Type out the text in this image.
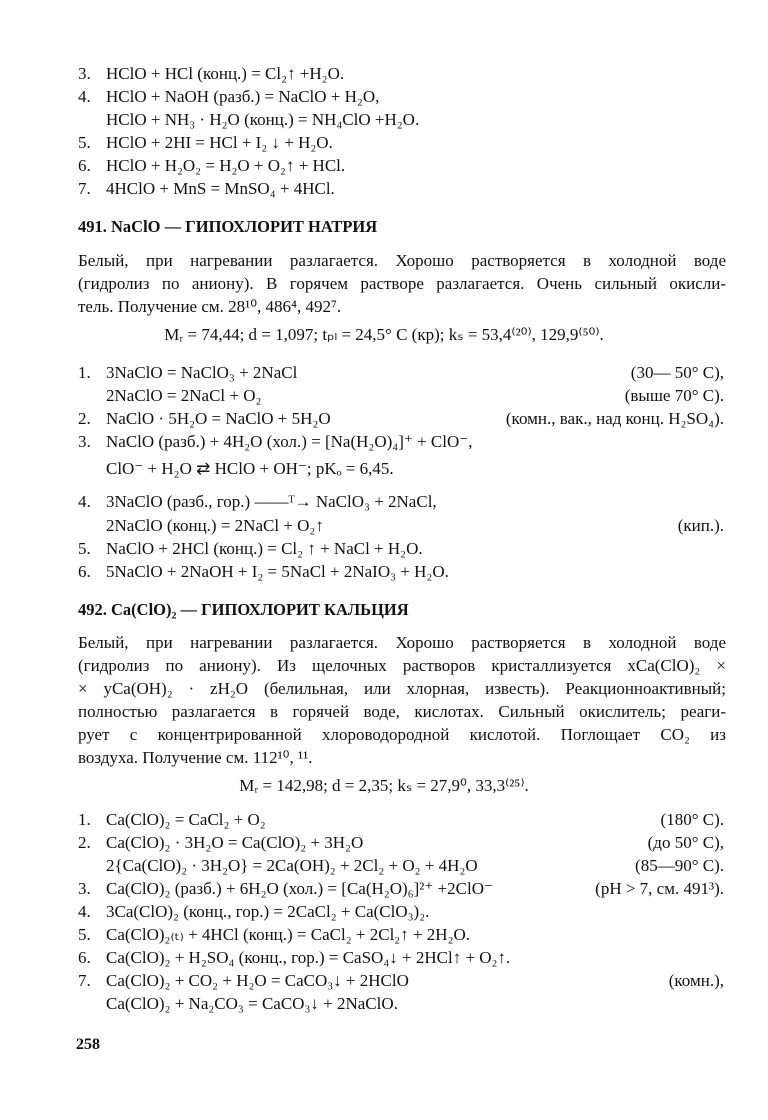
3. HClO + HCl (конц.) = Cl₂↑ +H₂O.
4. HClO + NaOH (разб.) = NaClO + H₂O,
HClO + NH₃ · H₂O (конц.) = NH₄ClO +H₂O.
5. HClO + 2HI = HCl + I₂ ↓ + H₂O.
6. HClO + H₂O₂ = H₂O + O₂↑ + HCl.
7. 4HClO + MnS = MnSO₄ + 4HCl.
491. NaClO — ГИПОХЛОРИТ НАТРИЯ
Белый, при нагревании разлагается. Хорошо растворяется в холодной воде
(гидролиз по аниону). В горячем растворе разлагается. Очень сильный окисли-
тель. Получение см. 28¹⁰, 486⁴, 492⁷.
Mᵣ = 74,44; d = 1,097; tₚₗ = 24,5° C (кр); kₛ = 53,4⁽²⁰⁾, 129,9⁽⁵⁰⁾.
1. 3NaClO = NaClO₃ + 2NaCl	(30— 50° C),
2NaClO = 2NaCl + O₂	(выше 70° C).
2. NaClO · 5H₂O = NaClO + 5H₂O	(комн., вак., над конц. H₂SO₄).
3. NaClO (разб.) + 4H₂O (хол.) = [Na(H₂O)₄]⁺ + ClO⁻,
ClO⁻ + H₂O ⇄ HClO + OH⁻; pKₒ = 6,45.
4. 3NaClO (разб., гор.) ——ᵀ→ NaClO₃ + 2NaCl,
2NaClO (конц.) = 2NaCl + O₂↑	(кип.).
5. NaClO + 2HCl (конц.) = Cl₂ ↑ + NaCl + H₂O.
6. 5NaClO + 2NaOH + I₂ = 5NaCl + 2NaIO₃ + H₂O.
492. Ca(ClO)₂ — ГИПОХЛОРИТ КАЛЬЦИЯ
Белый, при нагревании разлагается. Хорошо растворяется в холодной воде
(гидролиз по аниону). Из щелочных растворов кристаллизуется xCa(ClO)₂ ×
× yCa(OH)₂ · zH₂O (белильная, или хлорная, известь). Реакционноактивный;
полностью разлагается в горячей воде, кислотах. Сильный окислитель; реаги-
рует с концентрированной хлороводородной кислотой. Поглощает CO₂ из
воздуха. Получение см. 112¹⁰, ¹¹.
Mᵣ = 142,98; d = 2,35; kₛ = 27,9⁰, 33,3⁽²⁵⁾.
1. Ca(ClO)₂ = CaCl₂ + O₂	(180° C).
2. Ca(ClO)₂ · 3H₂O = Ca(ClO)₂ + 3H₂O	(до 50° C),
2{Ca(ClO)₂ · 3H₂O} = 2Ca(OH)₂ + 2Cl₂ + O₂ + 4H₂O	(85—90° C).
3. Ca(ClO)₂ (разб.) + 6H₂O (хол.) = [Ca(H₂O)₆]²⁺ +2ClO⁻	(pH > 7, см. 491³).
4. 3Ca(ClO)₂ (конц., гор.) = 2CaCl₂ + Ca(ClO₃)₂.
5. Ca(ClO)₂₍ₜ₎ + 4HCl (конц.) = CaCl₂ + 2Cl₂↑ + 2H₂O.
6. Ca(ClO)₂ + H₂SO₄ (конц., гор.) = CaSO₄↓ + 2HCl↑ + O₂↑.
7. Ca(ClO)₂ + CO₂ + H₂O = CaCO₃↓ + 2HClO	(комн.),
Ca(ClO)₂ + Na₂CO₃ = CaCO₃↓ + 2NaClO.
258
